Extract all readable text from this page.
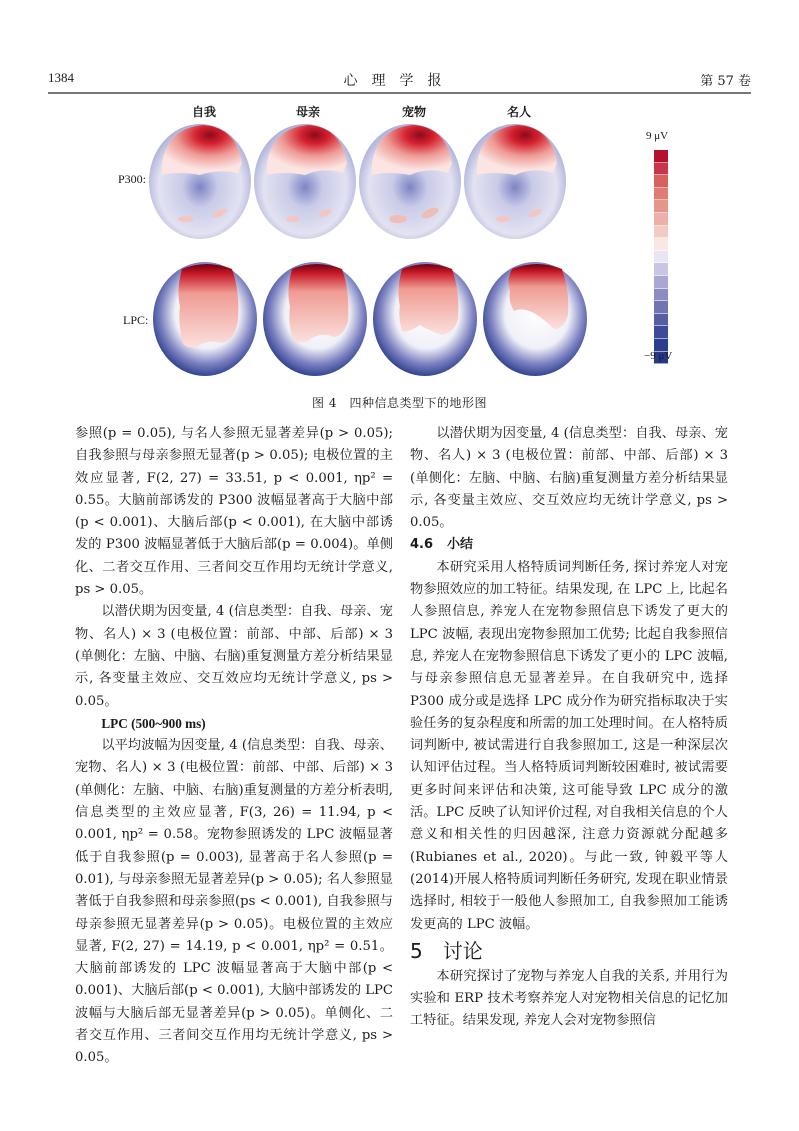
1384	心理学报	第 57 卷
自我	母亲	宠物	名人
P300:
LPC:
9 μV
−9 μV
图 4　四种信息类型下的地形图

参照(p = 0.05), 与名人参照无显著差异(p > 0.05); 自我参照与母亲参照无显著(p > 0.05); 电极位置的主效应显著, F(2, 27) = 33.51, p < 0.001, ηp² = 0.55。大脑前部诱发的 P300 波幅显著高于大脑中部(p < 0.001)、大脑后部(p < 0.001), 在大脑中部诱发的 P300 波幅显著低于大脑后部(p = 0.004)。单侧化、二者交互作用、三者间交互作用均无统计学意义, ps > 0.05。

以潜伏期为因变量, 4 (信息类型：自我、母亲、宠物、名人) × 3 (电极位置：前部、中部、后部) × 3 (单侧化：左脑、中脑、右脑)重复测量方差分析结果显示, 各变量主效应、交互效应均无统计学意义, ps > 0.05。

LPC (500~900 ms)

以平均波幅为因变量, 4 (信息类型：自我、母亲、宠物、名人) × 3 (电极位置：前部、中部、后部) × 3 (单侧化：左脑、中脑、右脑)重复测量的方差分析表明, 信息类型的主效应显著, F(3, 26) = 11.94, p < 0.001, ηp² = 0.58。宠物参照诱发的 LPC 波幅显著低于自我参照(p = 0.003), 显著高于名人参照(p = 0.01), 与母亲参照无显著差异(p > 0.05); 名人参照显著低于自我参照和母亲参照(ps < 0.001), 自我参照与母亲参照无显著差异(p > 0.05)。电极位置的主效应显著, F(2, 27) = 14.19, p < 0.001, ηp² = 0.51。大脑前部诱发的 LPC 波幅显著高于大脑中部(p < 0.001)、大脑后部(p < 0.001), 大脑中部诱发的 LPC 波幅与大脑后部无显著差异(p > 0.05)。单侧化、二者交互作用、三者间交互作用均无统计学意义, ps > 0.05。

以潜伏期为因变量, 4 (信息类型：自我、母亲、宠物、名人) × 3 (电极位置：前部、中部、后部) × 3 (单侧化：左脑、中脑、右脑)重复测量方差分析结果显示, 各变量主效应、交互效应均无统计学意义, ps > 0.05。

4.6 小结

本研究采用人格特质词判断任务, 探讨养宠人对宠物参照效应的加工特征。结果发现, 在 LPC 上, 比起名人参照信息, 养宠人在宠物参照信息下诱发了更大的 LPC 波幅, 表现出宠物参照加工优势; 比起自我参照信息, 养宠人在宠物参照信息下诱发了更小的 LPC 波幅, 与母亲参照信息无显著差异。在自我研究中, 选择 P300 成分或是选择 LPC 成分作为研究指标取决于实验任务的复杂程度和所需的加工处理时间。在人格特质词判断中, 被试需进行自我参照加工, 这是一种深层次认知评估过程。当人格特质词判断较困难时, 被试需要更多时间来评估和决策, 这可能导致 LPC 成分的激活。LPC 反映了认知评价过程, 对自我相关信息的个人意义和相关性的归因越深, 注意力资源就分配越多 (Rubianes et al., 2020)。与此一致, 钟毅平等人(2014)开展人格特质词判断任务研究, 发现在职业情景选择时, 相较于一般他人参照加工, 自我参照加工能诱发更高的 LPC 波幅。

5 讨论

本研究探讨了宠物与养宠人自我的关系, 并用行为实验和 ERP 技术考察养宠人对宠物相关信息的记忆加工特征。结果发现, 养宠人会对宠物参照信
